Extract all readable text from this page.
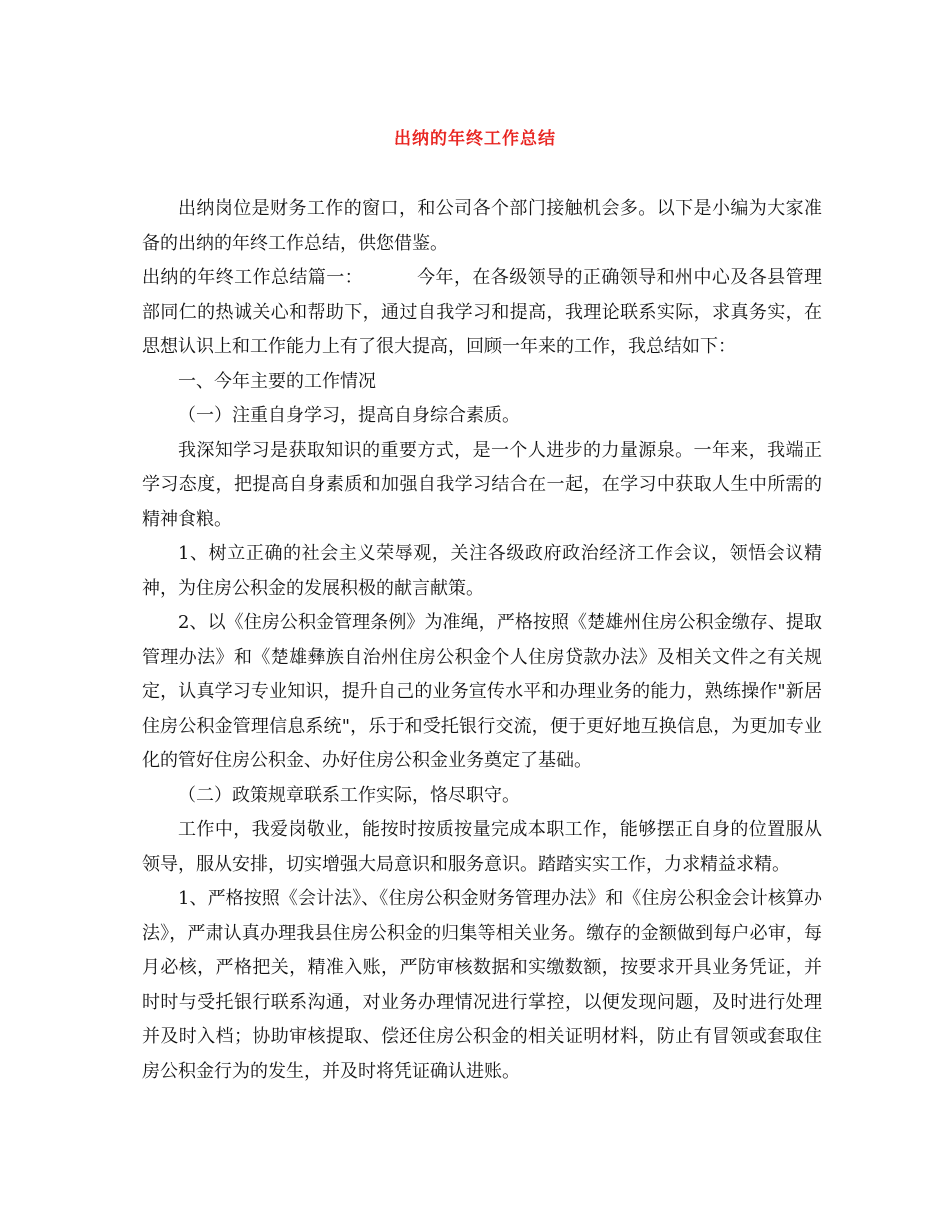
出纳的年终工作总结

出纳岗位是财务工作的窗口，和公司各个部门接触机会多。以下是小编为大家准备的出纳的年终工作总结，供您借鉴。

出纳的年终工作总结篇一：	今年，在各级领导的正确领导和州中心及各县管理部同仁的热诚关心和帮助下，通过自我学习和提高，我理论联系实际，求真务实，在思想认识上和工作能力上有了很大提高，回顾一年来的工作，我总结如下：

一、今年主要的工作情况

（一）注重自身学习，提高自身综合素质。

我深知学习是获取知识的重要方式，是一个人进步的力量源泉。一年来，我端正学习态度，把提高自身素质和加强自我学习结合在一起，在学习中获取人生中所需的精神食粮。

1、树立正确的社会主义荣辱观，关注各级政府政治经济工作会议，领悟会议精神，为住房公积金的发展积极的献言献策。

2、以《住房公积金管理条例》为准绳，严格按照《楚雄州住房公积金缴存、提取管理办法》和《楚雄彝族自治州住房公积金个人住房贷款办法》及相关文件之有关规定，认真学习专业知识，提升自己的业务宣传水平和办理业务的能力，熟练操作"新居住房公积金管理信息系统"，乐于和受托银行交流，便于更好地互换信息，为更加专业化的管好住房公积金、办好住房公积金业务奠定了基础。

（二）政策规章联系工作实际，恪尽职守。

工作中，我爱岗敬业，能按时按质按量完成本职工作，能够摆正自身的位置服从领导，服从安排，切实增强大局意识和服务意识。踏踏实实工作，力求精益求精。

1、严格按照《会计法》、《住房公积金财务管理办法》和《住房公积金会计核算办法》，严肃认真办理我县住房公积金的归集等相关业务。缴存的金额做到每户必审，每月必核，严格把关，精准入账，严防审核数据和实缴数额，按要求开具业务凭证，并时时与受托银行联系沟通，对业务办理情况进行掌控，以便发现问题，及时进行处理并及时入档；协助审核提取、偿还住房公积金的相关证明材料，防止有冒领或套取住房公积金行为的发生，并及时将凭证确认进账。
